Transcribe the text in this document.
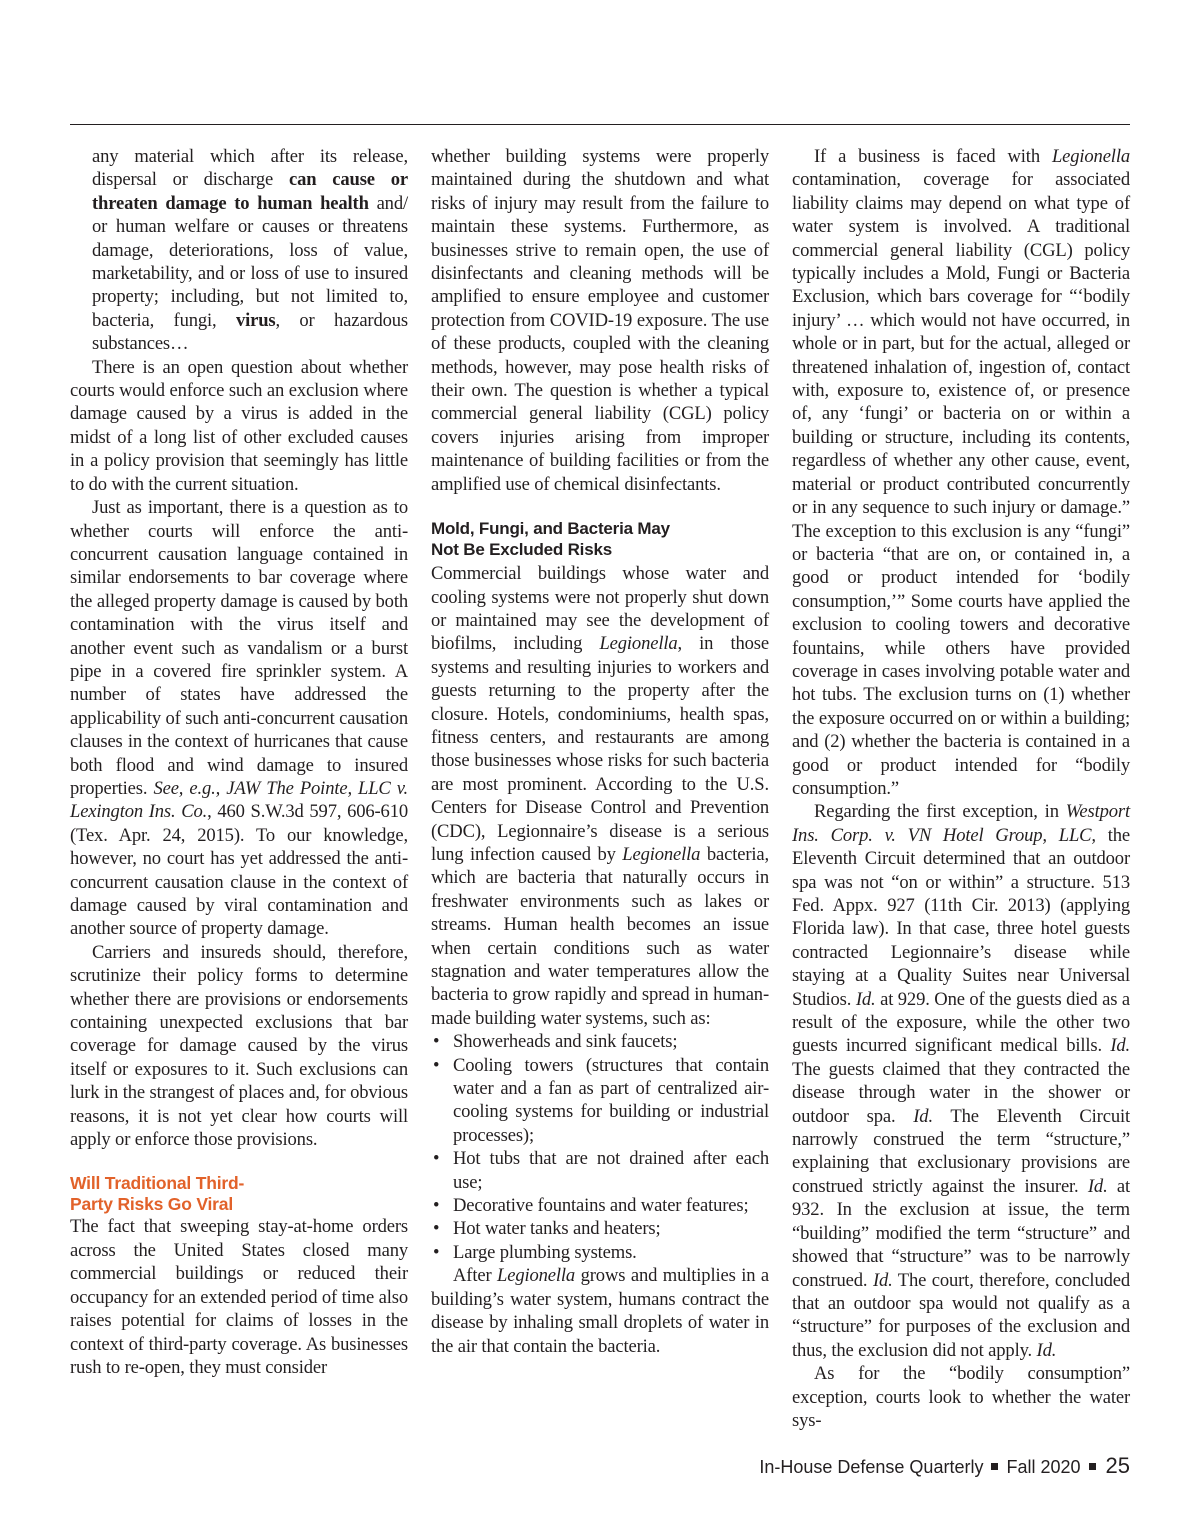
any material which after its release, dispersal or discharge can cause or threaten damage to human health and/ or human welfare or causes or threatens damage, deteriorations, loss of value, marketability, and or loss of use to insured property; including, but not limited to, bacteria, fungi, virus, or hazardous substances…

There is an open question about whether courts would enforce such an exclusion where damage caused by a virus is added in the midst of a long list of other excluded causes in a policy provision that seemingly has little to do with the current situation.

Just as important, there is a question as to whether courts will enforce the anti-concurrent causation language contained in similar endorsements to bar coverage where the alleged property damage is caused by both contamination with the virus itself and another event such as vandalism or a burst pipe in a covered fire sprinkler system. A number of states have addressed the applicability of such anti-concurrent causation clauses in the context of hurricanes that cause both flood and wind damage to insured properties. See, e.g., JAW The Pointe, LLC v. Lexington Ins. Co., 460 S.W.3d 597, 606-610 (Tex. Apr. 24, 2015). To our knowledge, however, no court has yet addressed the anti-concurrent causation clause in the context of damage caused by viral contamination and another source of property damage.

Carriers and insureds should, therefore, scrutinize their policy forms to determine whether there are provisions or endorsements containing unexpected exclusions that bar coverage for damage caused by the virus itself or exposures to it. Such exclusions can lurk in the strangest of places and, for obvious reasons, it is not yet clear how courts will apply or enforce those provisions.

Will Traditional Third-
Party Risks Go Viral

The fact that sweeping stay-at-home orders across the United States closed many commercial buildings or reduced their occupancy for an extended period of time also raises potential for claims of losses in the context of third-party coverage. As businesses rush to re-open, they must consider

whether building systems were properly maintained during the shutdown and what risks of injury may result from the failure to maintain these systems. Furthermore, as businesses strive to remain open, the use of disinfectants and cleaning methods will be amplified to ensure employee and customer protection from COVID-19 exposure. The use of these products, coupled with the cleaning methods, however, may pose health risks of their own. The question is whether a typical commercial general liability (CGL) policy covers injuries arising from improper maintenance of building facilities or from the amplified use of chemical disinfectants.

Mold, Fungi, and Bacteria May
Not Be Excluded Risks

Commercial buildings whose water and cooling systems were not properly shut down or maintained may see the development of biofilms, including Legionella, in those systems and resulting injuries to workers and guests returning to the property after the closure. Hotels, condominiums, health spas, fitness centers, and restaurants are among those businesses whose risks for such bacteria are most prominent. According to the U.S. Centers for Disease Control and Prevention (CDC), Legionnaire’s disease is a serious lung infection caused by Legionella bacteria, which are bacteria that naturally occurs in freshwater environments such as lakes or streams. Human health becomes an issue when certain conditions such as water stagnation and water temperatures allow the bacteria to grow rapidly and spread in human-made building water systems, such as:

• Showerheads and sink faucets;
• Cooling towers (structures that contain water and a fan as part of centralized air-cooling systems for building or industrial processes);
• Hot tubs that are not drained after each use;
• Decorative fountains and water features;
• Hot water tanks and heaters;
• Large plumbing systems.

After Legionella grows and multiplies in a building’s water system, humans contract the disease by inhaling small droplets of water in the air that contain the bacteria.

If a business is faced with Legionella contamination, coverage for associated liability claims may depend on what type of water system is involved. A traditional commercial general liability (CGL) policy typically includes a Mold, Fungi or Bacteria Exclusion, which bars coverage for “‘bodily injury’ … which would not have occurred, in whole or in part, but for the actual, alleged or threatened inhalation of, ingestion of, contact with, exposure to, existence of, or presence of, any ‘fungi’ or bacteria on or within a building or structure, including its contents, regardless of whether any other cause, event, material or product contributed concurrently or in any sequence to such injury or damage.” The exception to this exclusion is any “fungi” or bacteria “that are on, or contained in, a good or product intended for ‘bodily consumption,’” Some courts have applied the exclusion to cooling towers and decorative fountains, while others have provided coverage in cases involving potable water and hot tubs. The exclusion turns on (1) whether the exposure occurred on or within a building; and (2) whether the bacteria is contained in a good or product intended for “bodily consumption.”

Regarding the first exception, in Westport Ins. Corp. v. VN Hotel Group, LLC, the Eleventh Circuit determined that an outdoor spa was not “on or within” a structure. 513 Fed. Appx. 927 (11th Cir. 2013) (applying Florida law). In that case, three hotel guests contracted Legionnaire’s disease while staying at a Quality Suites near Universal Studios. Id. at 929. One of the guests died as a result of the exposure, while the other two guests incurred significant medical bills. Id. The guests claimed that they contracted the disease through water in the shower or outdoor spa. Id. The Eleventh Circuit narrowly construed the term “structure,” explaining that exclusionary provisions are construed strictly against the insurer. Id. at 932. In the exclusion at issue, the term “building” modified the term “structure” and showed that “structure” was to be narrowly construed. Id. The court, therefore, concluded that an outdoor spa would not qualify as a “structure” for purposes of the exclusion and thus, the exclusion did not apply. Id.

As for the “bodily consumption” exception, courts look to whether the water sys-

In-House Defense Quarterly Fall 2020 25
